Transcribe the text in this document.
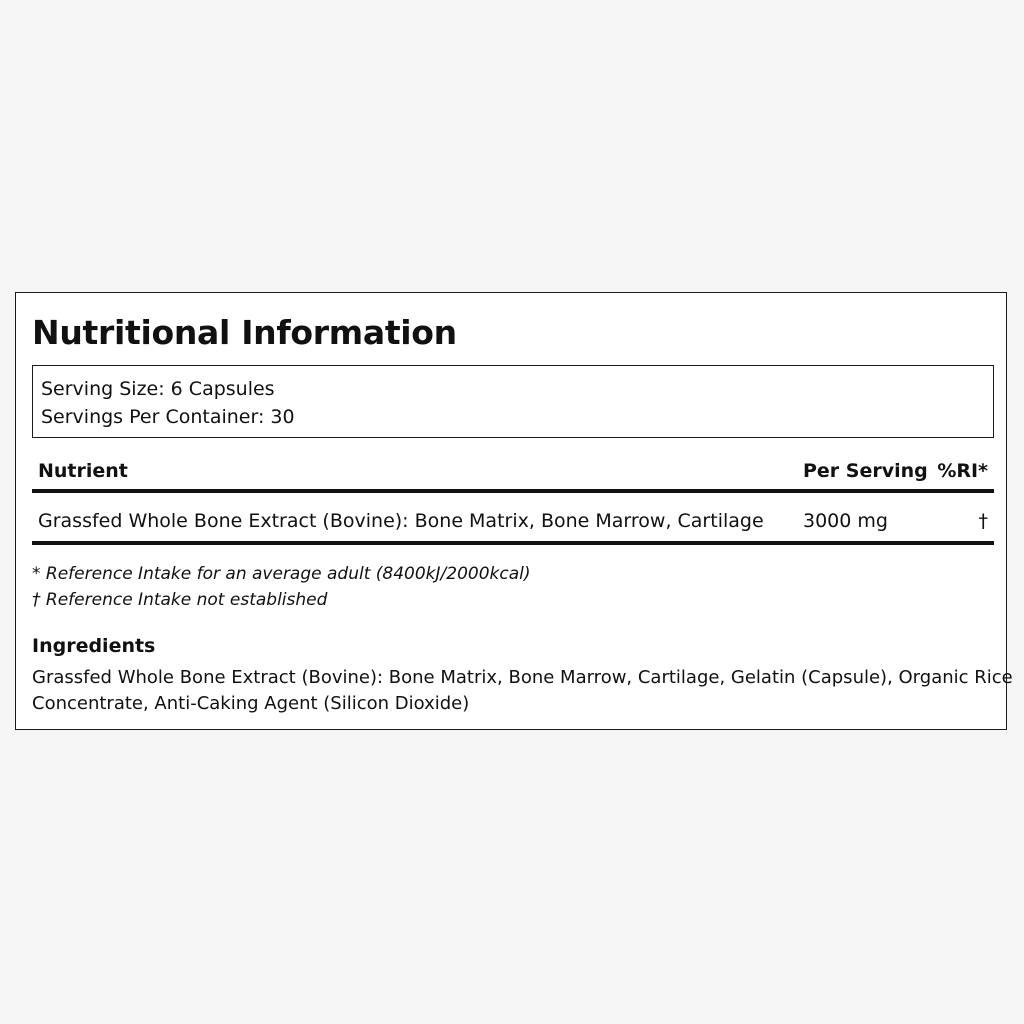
Nutritional Information
Serving Size: 6 Capsules
Servings Per Container: 30
Nutrient	Per Serving %RI*
Grassfed Whole Bone Extract (Bovine): Bone Matrix, Bone Marrow, Cartilage 3000 mg	†
* Reference Intake for an average adult (8400kJ/2000kcal)
† Reference Intake not established
Ingredients
Grassfed Whole Bone Extract (Bovine): Bone Matrix, Bone Marrow, Cartilage, Gelatin (Capsule), Organic Rice
Concentrate, Anti-Caking Agent (Silicon Dioxide)
